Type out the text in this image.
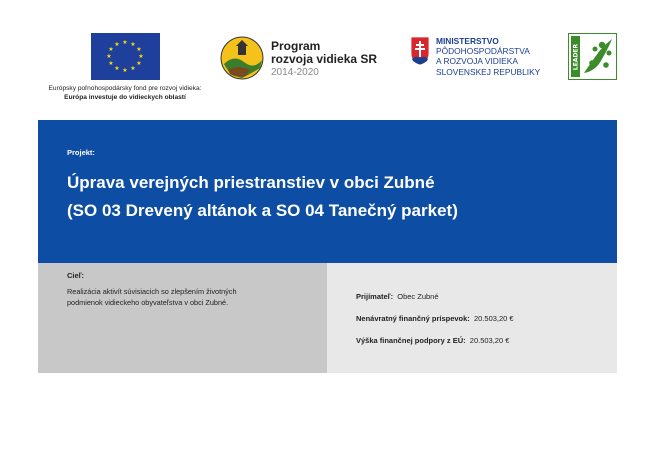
★ ★
★
★
★
★
★
★
★
★
★
★
Európsky poľnohospodársky fond pre rozvoj vidieka:
Európa investuje do vidieckych oblastí
Program
rozvoja vidieka SR
2014-2020
MINISTERSTVO
PÔDOHOSPODÁRSTVA
A ROZVOJA VIDIEKA
SLOVENSKEJ REPUBLIKY
LEADER
Projekt:
Úprava verejných priestranstiev v obci Zubné
(SO 03 Drevený altánok a SO 04 Tanečný parket)
Cieľ:
Realizácia aktivít súvisiacich so zlepšením životných
podmienok vidieckeho obyvateľstva v obci Zubné.
Prijímateľ: Obec Zubné
Nenávratný finančný príspevok: 20.503,20 €
Výška finančnej podpory z EÚ: 20.503,20 €
